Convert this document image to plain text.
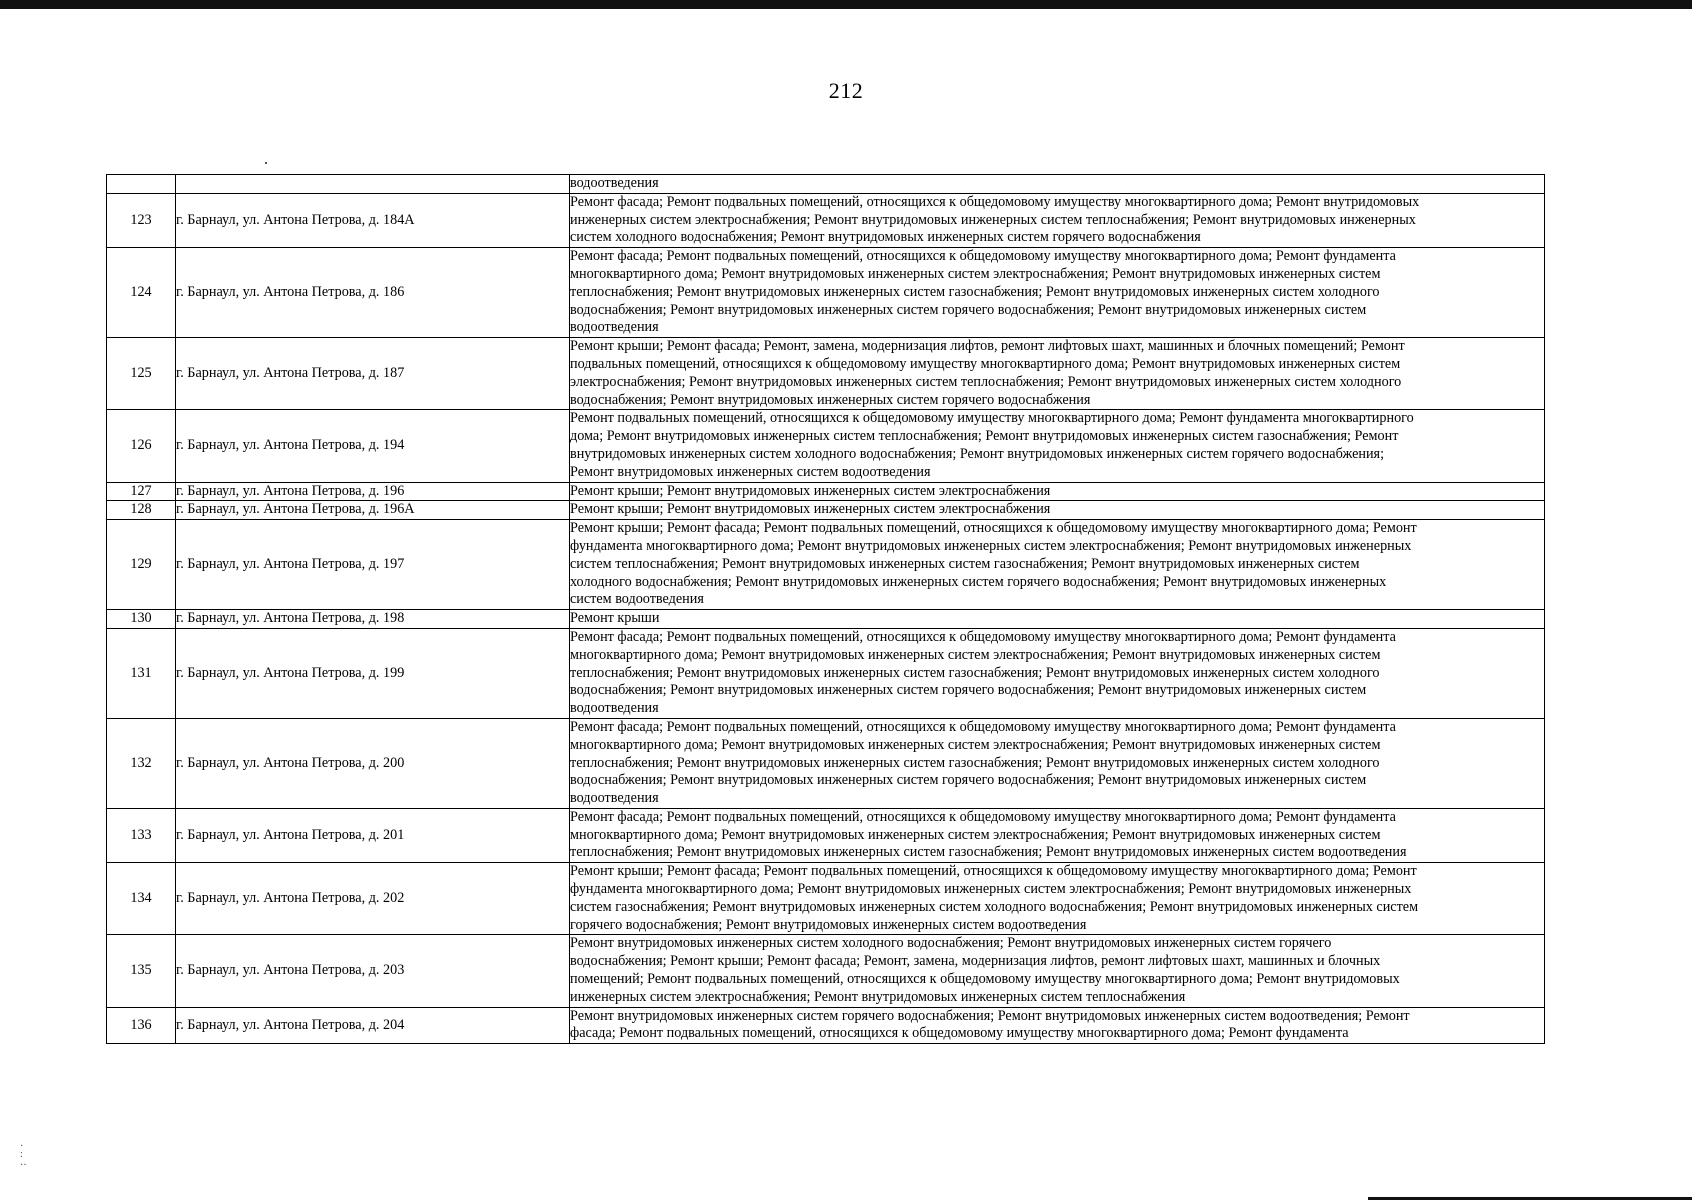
212

		водоотведения

123	г. Барнаул, ул. Антона Петрова, д. 184А	Ремонт фасада; Ремонт подвальных помещений, относящихся к общедомовому имуществу многоквартирного дома; Ремонт внутридомовых
инженерных систем электроснабжения; Ремонт внутридомовых инженерных систем теплоснабжения; Ремонт внутридомовых инженерных
систем холодного водоснабжения; Ремонт внутридомовых инженерных систем горячего водоснабжения

124	г. Барнаул, ул. Антона Петрова, д. 186	Ремонт фасада; Ремонт подвальных помещений, относящихся к общедомовому имуществу многоквартирного дома; Ремонт фундамента
многоквартирного дома; Ремонт внутридомовых инженерных систем электроснабжения; Ремонт внутридомовых инженерных систем
теплоснабжения; Ремонт внутридомовых инженерных систем газоснабжения; Ремонт внутридомовых инженерных систем холодного
водоснабжения; Ремонт внутридомовых инженерных систем горячего водоснабжения; Ремонт внутридомовых инженерных систем
водоотведения

125	г. Барнаул, ул. Антона Петрова, д. 187	Ремонт крыши; Ремонт фасада; Ремонт, замена, модернизация лифтов, ремонт лифтовых шахт, машинных и блочных помещений; Ремонт
подвальных помещений, относящихся к общедомовому имуществу многоквартирного дома; Ремонт внутридомовых инженерных систем
электроснабжения; Ремонт внутридомовых инженерных систем теплоснабжения; Ремонт внутридомовых инженерных систем холодного
водоснабжения; Ремонт внутридомовых инженерных систем горячего водоснабжения

126	г. Барнаул, ул. Антона Петрова, д. 194	Ремонт подвальных помещений, относящихся к общедомовому имуществу многоквартирного дома; Ремонт фундамента многоквартирного
дома; Ремонт внутридомовых инженерных систем теплоснабжения; Ремонт внутридомовых инженерных систем газоснабжения; Ремонт
внутридомовых инженерных систем холодного водоснабжения; Ремонт внутридомовых инженерных систем горячего водоснабжения;
Ремонт внутридомовых инженерных систем водоотведения

127	г. Барнаул, ул. Антона Петрова, д. 196	Ремонт крыши; Ремонт внутридомовых инженерных систем электроснабжения

128	г. Барнаул, ул. Антона Петрова, д. 196А	Ремонт крыши; Ремонт внутридомовых инженерных систем электроснабжения

129	г. Барнаул, ул. Антона Петрова, д. 197	Ремонт крыши; Ремонт фасада; Ремонт подвальных помещений, относящихся к общедомовому имуществу многоквартирного дома; Ремонт
фундамента многоквартирного дома; Ремонт внутридомовых инженерных систем электроснабжения; Ремонт внутридомовых инженерных
систем теплоснабжения; Ремонт внутридомовых инженерных систем газоснабжения; Ремонт внутридомовых инженерных систем
холодного водоснабжения; Ремонт внутридомовых инженерных систем горячего водоснабжения; Ремонт внутридомовых инженерных
систем водоотведения

130	г. Барнаул, ул. Антона Петрова, д. 198	Ремонт крыши

131	г. Барнаул, ул. Антона Петрова, д. 199	Ремонт фасада; Ремонт подвальных помещений, относящихся к общедомовому имуществу многоквартирного дома; Ремонт фундамента
многоквартирного дома; Ремонт внутридомовых инженерных систем электроснабжения; Ремонт внутридомовых инженерных систем
теплоснабжения; Ремонт внутридомовых инженерных систем газоснабжения; Ремонт внутридомовых инженерных систем холодного
водоснабжения; Ремонт внутридомовых инженерных систем горячего водоснабжения; Ремонт внутридомовых инженерных систем
водоотведения

132	г. Барнаул, ул. Антона Петрова, д. 200	Ремонт фасада; Ремонт подвальных помещений, относящихся к общедомовому имуществу многоквартирного дома; Ремонт фундамента
многоквартирного дома; Ремонт внутридомовых инженерных систем электроснабжения; Ремонт внутридомовых инженерных систем
теплоснабжения; Ремонт внутридомовых инженерных систем газоснабжения; Ремонт внутридомовых инженерных систем холодного
водоснабжения; Ремонт внутридомовых инженерных систем горячего водоснабжения; Ремонт внутридомовых инженерных систем
водоотведения

133	г. Барнаул, ул. Антона Петрова, д. 201	Ремонт фасада; Ремонт подвальных помещений, относящихся к общедомовому имуществу многоквартирного дома; Ремонт фундамента
многоквартирного дома; Ремонт внутридомовых инженерных систем электроснабжения; Ремонт внутридомовых инженерных систем
теплоснабжения; Ремонт внутридомовых инженерных систем газоснабжения; Ремонт внутридомовых инженерных систем водоотведения

134	г. Барнаул, ул. Антона Петрова, д. 202	Ремонт крыши; Ремонт фасада; Ремонт подвальных помещений, относящихся к общедомовому имуществу многоквартирного дома; Ремонт
фундамента многоквартирного дома; Ремонт внутридомовых инженерных систем электроснабжения; Ремонт внутридомовых инженерных
систем газоснабжения; Ремонт внутридомовых инженерных систем холодного водоснабжения; Ремонт внутридомовых инженерных систем
горячего водоснабжения; Ремонт внутридомовых инженерных систем водоотведения

135	г. Барнаул, ул. Антона Петрова, д. 203	Ремонт внутридомовых инженерных систем холодного водоснабжения; Ремонт внутридомовых инженерных систем горячего
водоснабжения; Ремонт крыши; Ремонт фасада; Ремонт, замена, модернизация лифтов, ремонт лифтовых шахт, машинных и блочных
помещений; Ремонт подвальных помещений, относящихся к общедомовому имуществу многоквартирного дома; Ремонт внутридомовых
инженерных систем электроснабжения; Ремонт внутридомовых инженерных систем теплоснабжения

136	г. Барнаул, ул. Антона Петрова, д. 204	Ремонт внутридомовых инженерных систем горячего водоснабжения; Ремонт внутридомовых инженерных систем водоотведения; Ремонт
фасада; Ремонт подвальных помещений, относящихся к общедомовому имуществу многоквартирного дома; Ремонт фундамента
·
:
‥
